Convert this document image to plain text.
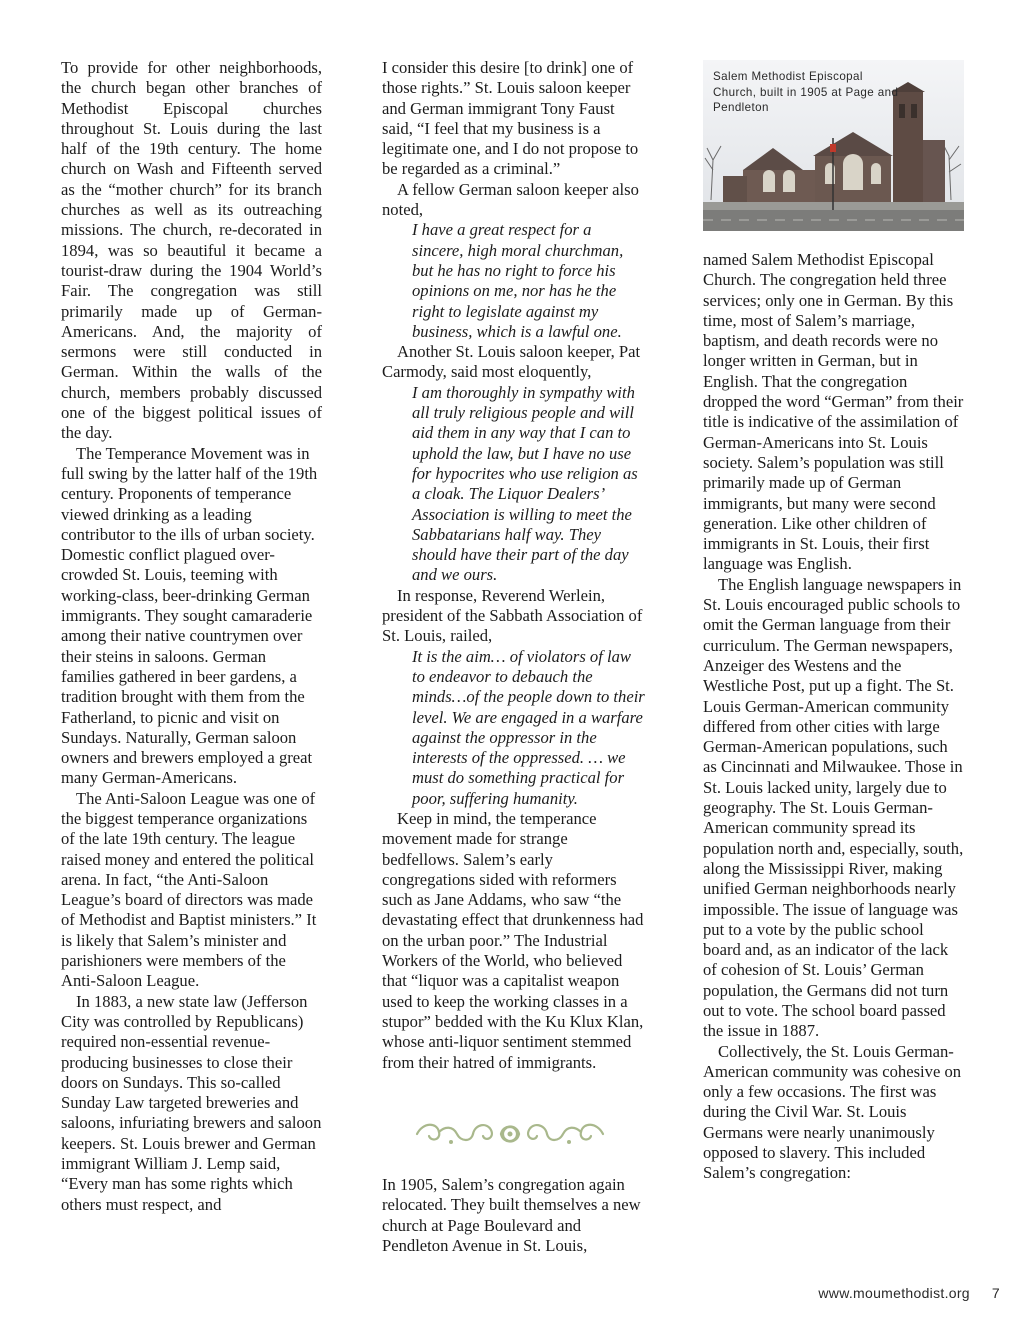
To provide for other neighborhoods, the church began other branches of Methodist Episcopal churches throughout St. Louis during the last half of the 19th century. The home church on Wash and Fifteenth served as the “mother church” for its branch churches as well as its outreaching missions. The church, re-decorated in 1894, was so beautiful it became a tourist-draw during the 1904 World’s Fair. The congregation was still primarily made up of German-Americans. And, the majority of sermons were still conducted in German. Within the walls of the church, members probably discussed one of the biggest political issues of the day.

The Temperance Movement was in full swing by the latter half of the 19th century. Proponents of temperance viewed drinking as a leading contributor to the ills of urban society. Domestic conflict plagued over-crowded St. Louis, teeming with working-class, beer-drinking German immigrants. They sought camaraderie among their native countrymen over their steins in saloons. German families gathered in beer gardens, a tradition brought with them from the Fatherland, to picnic and visit on Sundays. Naturally, German saloon owners and brewers employed a great many German-Americans.

The Anti-Saloon League was one of the biggest temperance organizations of the late 19th century. The league raised money and entered the political arena. In fact, “the Anti-Saloon League’s board of directors was made of Methodist and Baptist ministers.” It is likely that Salem’s minister and parishioners were members of the Anti-Saloon League.

In 1883, a new state law (Jefferson City was controlled by Republicans) required non-essential revenue-producing businesses to close their doors on Sundays. This so-called Sunday Law targeted breweries and saloons, infuriating brewers and saloon keepers. St. Louis brewer and German immigrant William J. Lemp said, “Every man has some rights which others must respect, and

I consider this desire [to drink] one of those rights.” St. Louis saloon keeper and German immigrant Tony Faust said, “I feel that my business is a legitimate one, and I do not propose to be regarded as a criminal.”

A fellow German saloon keeper also noted,

I have a great respect for a sincere, high moral churchman, but he has no right to force his opinions on me, nor has he the right to legislate against my business, which is a lawful one.

Another St. Louis saloon keeper, Pat Carmody, said most eloquently,

I am thoroughly in sympathy with all truly religious people and will aid them in any way that I can to uphold the law, but I have no use for hypocrites who use religion as a cloak. The Liquor Dealers’ Association is willing to meet the Sabbatarians half way. They should have their part of the day and we ours.

In response, Reverend Werlein, president of the Sabbath Association of St. Louis, railed,

It is the aim… of violators of law to endeavor to debauch the minds…of the people down to their level. We are engaged in a warfare against the oppressor in the interests of the oppressed. … we must do something practical for poor, suffering humanity.

Keep in mind, the temperance movement made for strange bedfellows. Salem’s early congregations sided with reformers such as Jane Addams, who saw “the devastating effect that drunkenness had on the urban poor.” The Industrial Workers of the World, who believed that “liquor was a capitalist weapon used to keep the working classes in a stupor” bedded with the Ku Klux Klan, whose anti-liquor sentiment stemmed from their hatred of immigrants.

In 1905, Salem’s congregation again relocated. They built themselves a new church at Page Boulevard and Pendleton Avenue in St. Louis,

Salem Methodist Episcopal Church, built in 1905 at Page and Pendleton

named Salem Methodist Episcopal Church. The congregation held three services; only one in German. By this time, most of Salem’s marriage, baptism, and death records were no longer written in German, but in English. That the congregation dropped the word “German” from their title is indicative of the assimilation of German-Americans into St. Louis society. Salem’s population was still primarily made up of German immigrants, but many were second generation. Like other children of immigrants in St. Louis, their first language was English.

The English language newspapers in St. Louis encouraged public schools to omit the German language from their curriculum. The German newspapers, Anzeiger des Westens and the Westliche Post, put up a fight. The St. Louis German-American community differed from other cities with large German-American populations, such as Cincinnati and Milwaukee. Those in St. Louis lacked unity, largely due to geography. The St. Louis German-American community spread its population north and, especially, south, along the Mississippi River, making unified German neighborhoods nearly impossible. The issue of language was put to a vote by the public school board and, as an indicator of the lack of cohesion of St. Louis’ German population, the Germans did not turn out to vote. The school board passed the issue in 1887.

Collectively, the St. Louis German-American community was cohesive on only a few occasions. The first was during the Civil War. St. Louis Germans were nearly unanimously opposed to slavery. This included Salem’s congregation:

www.moumethodist.org 7
